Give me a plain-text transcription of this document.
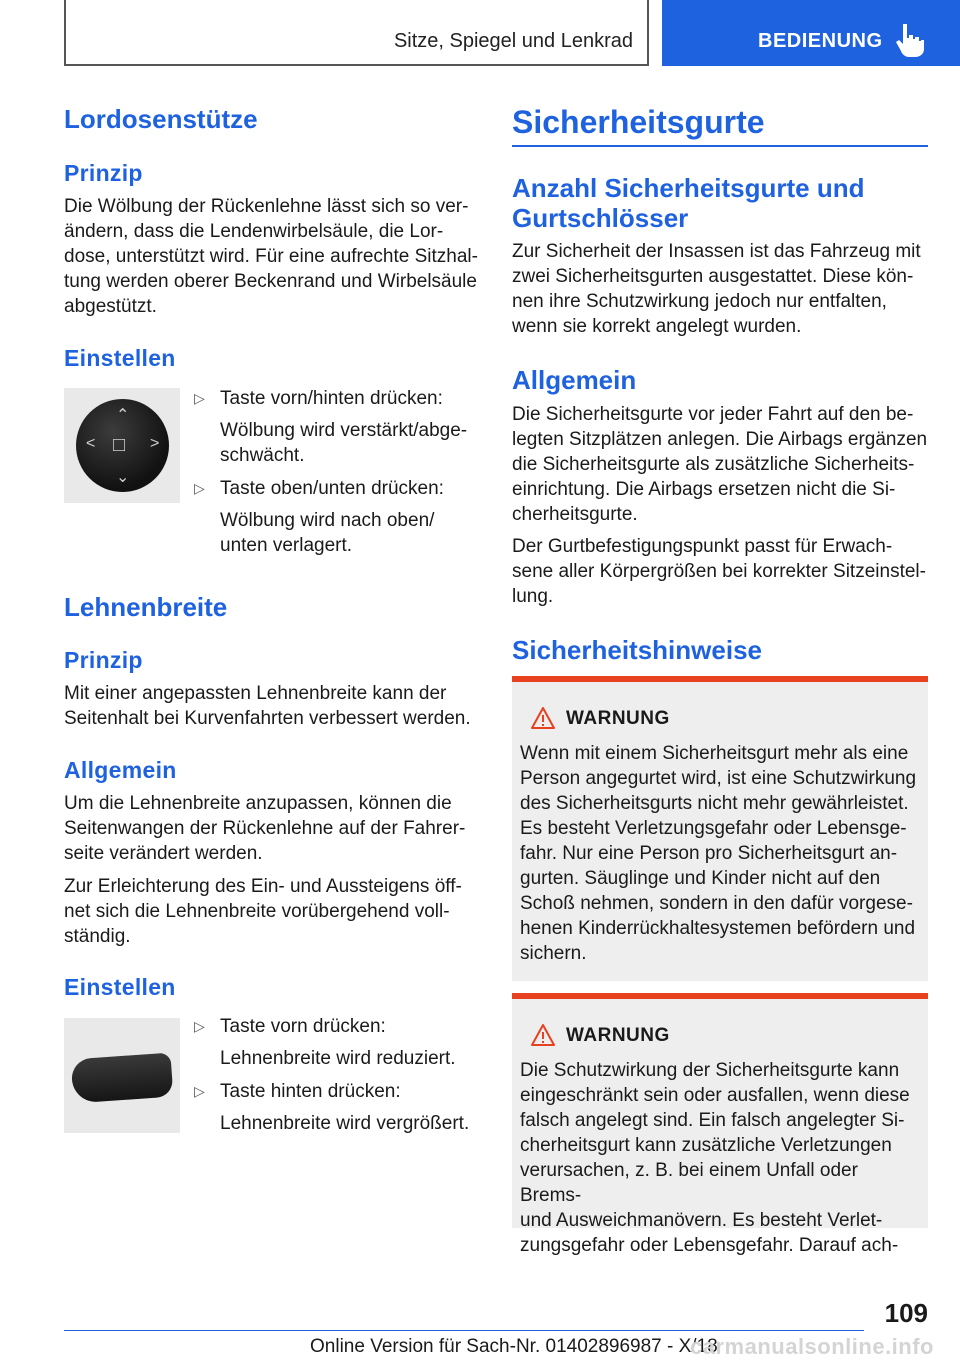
Sitze, Spiegel und Lenkrad	BEDIENUNG
Lordosenstütze
Prinzip
Die Wölbung der Rückenlehne lässt sich so ver-
ändern, dass die Lendenwirbelsäule, die Lor-
dose, unterstützt wird. Für eine aufrechte Sitzhal-
tung werden oberer Beckenrand und Wirbelsäule
abgestützt.
Einstellen
⌃
<	>
⌄
□
▷ Taste vorn/hinten drücken:
Wölbung wird verstärkt/abge-
schwächt.
▷ Taste oben/unten drücken:
Wölbung wird nach oben/
unten verlagert.
Lehnenbreite
Prinzip
Mit einer angepassten Lehnenbreite kann der
Seitenhalt bei Kurvenfahrten verbessert werden.
Allgemein
Um die Lehnenbreite anzupassen, können die
Seitenwangen der Rückenlehne auf der Fahrer-
seite verändert werden.
Zur Erleichterung des Ein- und Aussteigens öff-
net sich die Lehnenbreite vorübergehend voll-
ständig.
Einstellen
▷ Taste vorn drücken:
Lehnenbreite wird reduziert.
▷ Taste hinten drücken:
Lehnenbreite wird vergrößert.
Sicherheitsgurte
Anzahl Sicherheitsgurte und
Gurtschlösser
Zur Sicherheit der Insassen ist das Fahrzeug mit
zwei Sicherheitsgurten ausgestattet. Diese kön-
nen ihre Schutzwirkung jedoch nur entfalten,
wenn sie korrekt angelegt wurden.
Allgemein
Die Sicherheitsgurte vor jeder Fahrt auf den be-
legten Sitzplätzen anlegen. Die Airbags ergänzen
die Sicherheitsgurte als zusätzliche Sicherheits-
einrichtung. Die Airbags ersetzen nicht die Si-
cherheitsgurte.
Der Gurtbefestigungspunkt passt für Erwach-
sene aller Körpergrößen bei korrekter Sitzeinstel-
lung.
Sicherheitshinweise
WARNUNG
Wenn mit einem Sicherheitsgurt mehr als eine
Person angegurtet wird, ist eine Schutzwirkung
des Sicherheitsgurts nicht mehr gewährleistet.
Es besteht Verletzungsgefahr oder Lebensge-
fahr. Nur eine Person pro Sicherheitsgurt an-
gurten. Säuglinge und Kinder nicht auf den
Schoß nehmen, sondern in den dafür vorgese-
henen Kinderrückhaltesystemen befördern und
sichern.
WARNUNG
Die Schutzwirkung der Sicherheitsgurte kann
eingeschränkt sein oder ausfallen, wenn diese
falsch angelegt sind. Ein falsch angelegter Si-
cherheitsgurt kann zusätzliche Verletzungen
verursachen, z. B. bei einem Unfall oder Brems-
und Ausweichmanövern. Es besteht Verlet-
zungsgefahr oder Lebensgefahr. Darauf ach-
109
Online Version für Sach-Nr. 01402896987 - X/18
carmanualsonline.info
